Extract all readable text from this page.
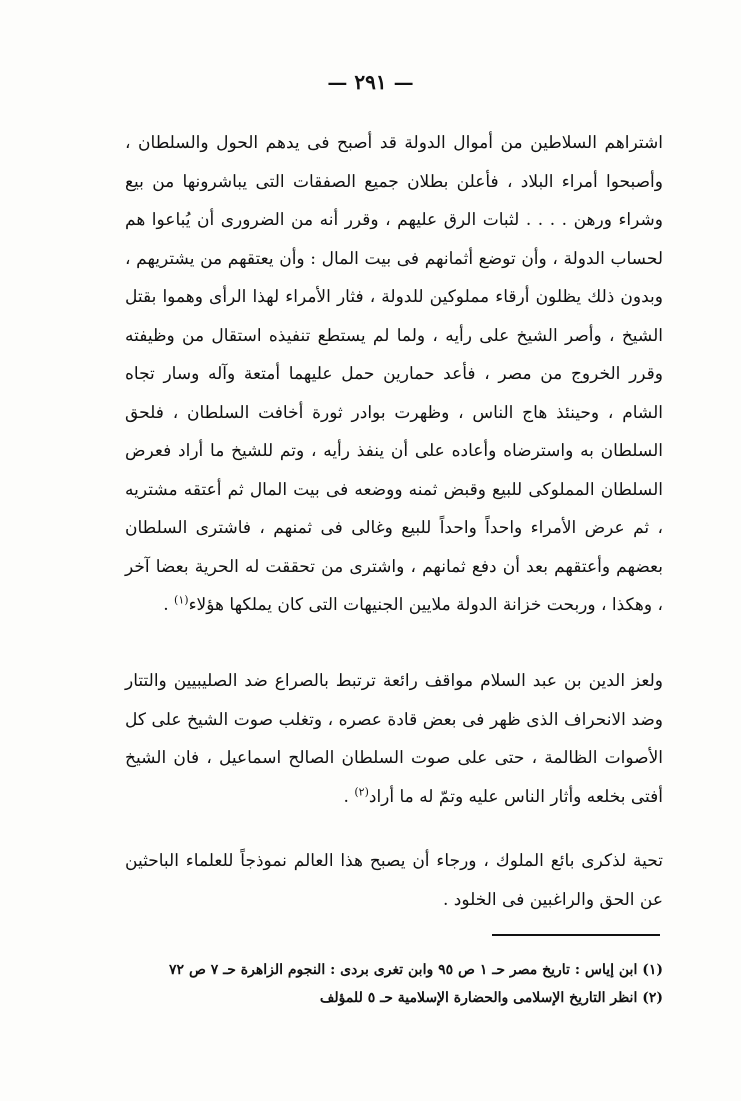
— ٢٩١ —

اشتراهم السلاطين من أموال الدولة قد أصبح فى يدهم الحول والسلطان ، وأصبحوا أمراء البلاد ، فأعلن بطلان جميع الصفقات التى يباشرونها من بيع وشراء ورهن . . . . لثبات الرق عليهم ، وقرر أنه من الضرورى أن يُباعوا هم لحساب الدولة ، وأن توضع أثمانهم فى بيت المال : وأن يعتقهم من يشتريهم ، وبدون ذلك يظلون أرقاء مملوكين للدولة ، فثار الأمراء لهذا الرأى وهموا بقتل الشيخ ، وأصر الشيخ على رأيه ، ولما لم يستطع تنفيذه استقال من وظيفته وقرر الخروج من مصر ، فأعد حمارين حمل عليهما أمتعة وآله وسار تجاه الشام ، وحينئذ هاج الناس ، وظهرت بوادر ثورة أخافت السلطان ، فلحق السلطان به واسترضاه وأعاده على أن ينفذ رأيه ، وتم للشيخ ما أراد فعرض السلطان المملوكى للبيع وقبض ثمنه ووضعه فى بيت المال ثم أعتقه مشتريه ، ثم عرض الأمراء واحداً واحداً للبيع وغالى فى ثمنهم ، فاشترى السلطان بعضهم وأعتقهم بعد أن دفع ثمانهم ، واشترى من تحققت له الحرية بعضا آخر ، وهكذا ، وربحت خزانة الدولة ملايين الجنيهات التى كان يملكها هؤلاء$^{(١)}$ .

ولعز الدين بن عبد السلام مواقف رائعة ترتبط بالصراع ضد الصليبيين والتتار وضد الانحراف الذى ظهر فى بعض قادة عصره ، وتغلب صوت الشيخ على كل الأصوات الظالمة ، حتى على صوت السلطان الصالح اسماعيل ، فان الشيخ أفتى بخلعه وأثار الناس عليه وتمّ له ما أراد$^{(٢)}$ .

تحية لذكرى بائع الملوك ، ورجاء أن يصبح هذا العالم نموذجاً للعلماء الباحثين عن الحق والراغبين فى الخلود .

(١) ابن إياس : تاريخ مصر حـ ١ ص ٩٥ وابن تغرى بردى : النجوم الزاهرة حـ ٧ ص ٧٢

(٢) انظر التاريخ الإسلامى والحضارة الإسلامية حـ ٥ للمؤلف
